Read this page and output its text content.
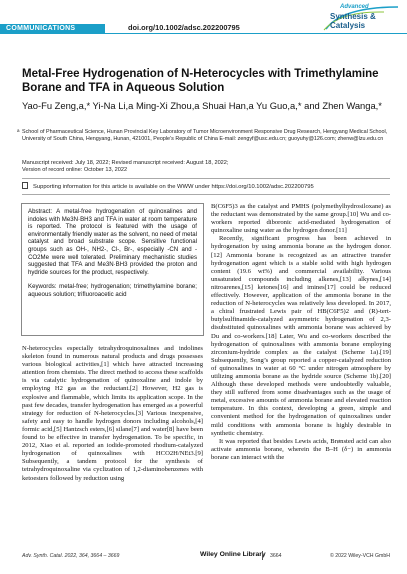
COMMUNICATIONS	doi.org/10.1002/adsc.202200795
Advanced
Synthesis &
Catalysis
Metal-Free Hydrogenation of N-Heterocycles with Trimethylamine Borane and TFA in Aqueous Solution
Yao-Fu Zeng,a,* Yi-Na Li,a Ming-Xi Zhou,a Shuai Han,a Yu Guo,a,* and Zhen Wanga,*
a School of Pharmaceutical Science, Hunan Provincial Key Laboratory of Tumor Microenvironment Responsive Drug Research, Hengyang Medical School, University of South China, Hengyang, Hunan, 421001, People’s Republic of China E-mail: zengyf@usc.edu.cn; guoyuhy@126.com; zhenw@lzu.edu.cn
Manuscript received: July 18, 2022; Revised manuscript received: August 18, 2022;
Version of record online: October 13, 2022
Supporting information for this article is available on the WWW under https://doi.org/10.1002/adsc.202200795

Abstract: A metal-free hydrogenation of quinoxalines and indoles with Me3N·BH3 and TFA in water at room temperature is reported. The protocol is featured with the usage of environmentally friendly water as the solvent, no need of metal catalyst and broad substrate scope. Sensitive functional groups such as OH-, NH2-, Cl-, Br-, especially -CN and -CO2Me were well tolerated. Preliminary mechanistic studies suggested that TFA and Me3N·BH3 provided the proton and hydride sources for the product, respectively.

Keywords: metal-free; hydrogenation; trimethylamine borane; aqueous solution; trifluoroacetic acid

N-heterocycles especially tetrahydroquinoxalines and indolines skeleton found in numerous natural products and drugs possesses various biological activities,[1] which have attracted increasing attention from chemists. The direct method to access these scaffolds is via catalytic hydrogenation of quinoxaline and indole by employing H2 gas as the reductant.[2] However, H2 gas is explosive and flammable, which limits its application scope. In the past few decades, transfer hydrogenation has emerged as a powerful strategy for reduction of N-heterocycles.[3] Various inexpensive, safety and easy to handle hydrogen donors including alcohols,[4] formic acid,[5] Hantzsch esters,[6] silane[7] and water[8] have been found to be effective in transfer hydrogenation. To be specific, in 2012, Xiao et al. reported an iodide-promoted rhodium-catalyzed hydrogenation of quinoxalines with HCO2H/NEt3.[9] Subsequently, a tandem protocol for the synthesis of tetrahydroquinoxaline via cyclization of 1,2-diaminobenzenes with ketoesters followed by reduction using

B(C6F5)3 as the catalyst and PMHS (polymethylhydrosiloxane) as the reductant was demonstrated by the same group.[10] Wu and co-workers reported diboronic acid-mediated hydrogenation of quinoxaline using water as the hydrogen donor.[11]

Recently, significant progress has been achieved in hydrogenation by using ammonia borane as the hydrogen donor.[12] Ammonia borane is recognized as an attractive transfer hydrogenation agent which is a stable solid with high hydrogen content (19.6 wt%) and commercial availability. Various unsaturated compounds including alkenes,[13] alkynes,[14] nitroarenes,[15] ketones[16] and imines[17] could be reduced effectively. However, application of the ammonia borane in the reduction of N-heterocycles was relatively less developed. In 2017, a chiral frustrated Lewis pair of HB(C6F5)2 and (R)-tert-butylsulfinamide-catalyzed asymmetric hydrogenation of 2,3-disubstituted quinoxalines with ammonia borane was achieved by Du and co-workers.[18] Later, Wu and co-workers described the hydrogenation of quinoxalines with ammonia borane employing zirconium-hydride complex as the catalyst (Scheme 1a).[19] Subsequently, Song’s group reported a copper-catalyzed reduction of quinoxalines in water at 60 °C under nitrogen atmosphere by utilizing ammonia borane as the hydride source (Scheme 1b).[20] Although these developed methods were undoubtedly valuable, they still suffered from some disadvantages such as the usage of metal, excessive amounts of ammonia borane and elevated reaction temperature. In this context, developing a green, simple and convenient method for the hydrogenation of quinoxalines under mild conditions with ammonia borane is highly desirable in synthetic chemistry.

It was reported that besides Lewis acids, Brønsted acid can also activate ammonia borane, wherein the B–H (δ−) in ammonia borane can interact with the

Adv. Synth. Catal. 2022, 364, 3664 – 3669	Wiley Online Library 3664	© 2022 Wiley-VCH GmbH
